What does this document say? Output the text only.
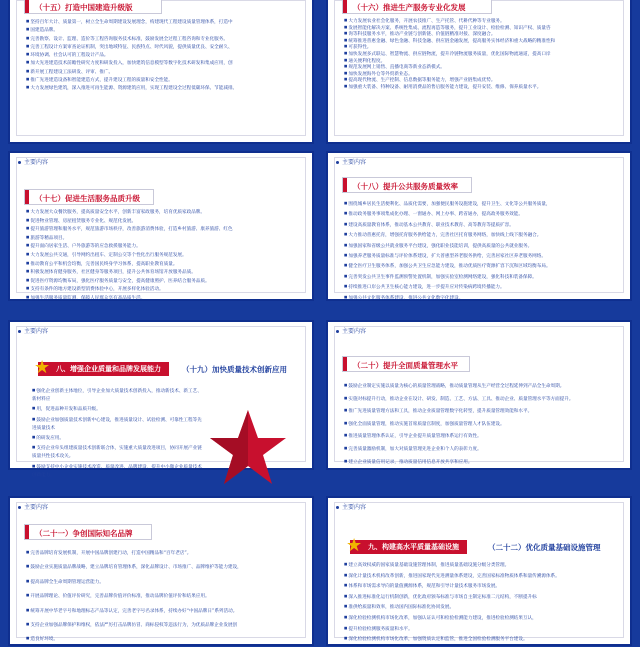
（十五）打造中国建造升级版
■ 坚持百年大计、质量第一，树立全生命周期建设发展理念，构建现代工程建设质量管理体系，打造中
■ 国建造品牌。
■ 完善勘察、设计、监理、造价等工程咨询服务技术标准，鼓励发展全过程工程咨询和专业化服务。
■ 完善工程设计方案审查论证机制，突出地域特征、民族特点、时代风貌，提供质量优良、安全耐久、
■ 环境协调、社会认可的工程设计产品。
■ 加大先进建造技术前瞻性研究力度和研发投入，加快建筑信息模型等数字化技术研发和集成应用，创
■ 新开展工程建设工法研发、评审、推广。
■ 推广先进建造设备和智能建造方式，提升建设工程的质量和安全性能。
■ 大力发展绿色建筑，深入推进可再生能源、资源建筑应用，实现工程建设全过程低碳环保、节能减排。
（十六）推进生产服务专业化发展
■ 大力发展农业社会化服务，开展农技推广、生产托管、代耕代种等专业服务。
■ 发展智能化解决方案、系统性集成、流程再造等服务，提升工业设计、检验检测、知识产权、质量咨
■ 询等科技服务水平，推动产业链与创新链、价值链精准对接、深度融合。
■ 统筹推进普惠金融、绿色金融、科技金融、供应链金融发展，提高服务实体经济和重大战略的精准性和
■ 可获得性。
■ 加快发展多式联运、智慧物流、供应链物流，提升冷链物流服务质量，优化国际物流通道，提高口岸
■ 通关便利化程度。
■ 规范发展网上销售、直播电商等新业态新模式。
■ 加快发展海外仓等外贸新业态。
■ 提高现代物流、生产控制、信息数据等服务能力，增强产业链集成优势。
■ 加强重大装备、特种设备、耐用消费品的售后服务能力建设，提升安装、维修、保养质量水平。
主要内容
（十七）促进生活服务品质升级
■ 大力发展大众餐饮服务，提高质量安全水平，创新丰富家政服务，培育优质家政品牌。
■ 促进物业管理、房屋租赁服务专业化、规范化发展。
■ 提升旅游管理和服务水平，规范旅游市场秩序，改善旅游消费体验，打造乡村旅游、康养旅游、红色
■ 旅游等精品项目。
■ 提升面向居家生活、户外旅游等的应急救援服务能力。
■ 大力发展公共交通，引导网约出租车、定制公交等个性化出行服务规范发展。
■ 推动教育公平和机会均衡，完善国民终身学习体系，提高职业教育质量。
■ 积极发展体育健身服务，社区健身等服务项目，提升公共体育场馆开放服务品质。
■ 促进医疗资源均衡布局，强化医疗服务质量与安全，提高健康照护、医养结合服务品质。
■ 支持有条件的地方建设新型消费体验中心，开展多样化体验活动。
■ 加强生活服务质量监测，保障人民群众享有高品质生活。
主要内容
（十八）提升公共服务质量效率
■ 围绕城乡居民生活便利化、品质化需要，加强便民服务设施建设，提升卫生、文化等公共服务质量，
■ 推动政务服务事项集成化办理、一窗通办、网上办事、跨省通办，提高政务服务效能。
■ 建设高质量教育体系，推动基本公共教育、职业技术教育、高等教育等提质扩容。
■ 大力推动普惠托育，增强托育服务供给能力，完善社区托育服务网络，加快线上线下服务融合。
■ 加强国家和省级公共就业服务平台建设，强化职业技能培训，提供高质量的公共就业服务。
■ 加强养老服务质量标准与评价体系建设，扩大普惠型养老服务供给，完善居家社区养老服务网络。
■ 健全医疗卫生服务体系，加强公共卫生应急能力建设，推动优质医疗资源扩容下沉和区域均衡布局。
■ 完善突发公共卫生事件监测预警处置机制，加强实验室检测网络建设，强化科技和装备保障。
■ 持续推进口岸公共卫生核心能力建设，进一步提升应对传染病跨境传播能力。
■ 加强公共文化服务体系建设，推进公共文化数字化建设。
主要内容
★ 八、增强企业质量和品牌发展能力	（十九）加快质量技术创新应用
■ 强化企业创新主体地位，引导企业加大质量技术创新投入，推动新技术、新工艺、新材料应
■ 用，促进品种开发和品质升级。
■ 鼓励企业加强质量技术创新中心建设，推进质量设计、试验检测、可靠性工程等先进质量技术
■ 的研发应用。
■ 支持企业牵头组建质量技术创新联合体，实施重大质量改进项目，协同开展产业链质量共性技术攻关。
■ 鼓励支持中小企业实施技术改造、质量改进、品牌建设，提升中小微企业质量技术创新能力。
主要内容
（二十）提升全面质量管理水平
■ 鼓励企业制定实施以质量为核心的质量管理战略，推动质量管理从生产经营全过程延伸到产品全生命周期。
■ 实施对标提升行动，推动企业在设计、研发、制造、工艺、方法、工具、推动企业、质量管理水平等方面提升。
■ 推广先进质量管理方法和工具，推动企业质量管理数字化转型，提升质量管理效能和水平。
■ 强化全面质量管理，推动实施首席质量官制度，加强质量管理人才队伍建设。
■ 推进质量管理体系认证，引导企业提升质量管理体系运行有效性。
■ 完善质量激励机制，加大对质量管理先进企业和个人的表彰力度。
■ 建立企业质量信用记录，推动质量信用信息开放共享和应用。
主要内容
（二十一）争创国际知名品牌
■ 完善品牌培育发展机制，开展中国品牌创建行动，打造中国精品和“百年老店”。
■ 鼓励企业实施质量品牌战略，建立品牌培育管理体系，深化品牌设计、市场推广、品牌维护等能力建设，
■ 提高品牌全生命周期管理运营能力。
■ 开展品牌理论、价值评价研究，完善品牌价值评价标准，推动品牌价值评价和结果应用。
■ 统筹开展中华老字号和地理标志产品等认定，完善老字号名录体系，持续办好“中国品牌日”系列活动。
■ 支持企业加强品牌保护和维权，依法严厉打击品牌仿冒、商标侵权等违法行为，为优质品牌企业发展创
■ 造良好环境。
主要内容
★ 九、构建高水平质量基础设施	（二十二）优化质量基础设施管理
■ 建立高效权威的国家质量基础设施管理体制，推进质量基础设施分级分类管理。
■ 深化计量技术机构改革创新，推进国家现代先进测量体系建设，完善国家标准物质体系和量传溯源体系。
■ 体系和市场需求导向的量值溯源体系，规范和引导计量技术服务市场发展。
■ 深入推进标准化运行机制创新，优化政府颁布标准与市场自主制定标准二元结构，不断提升标
■ 准供给质量和效率，推动国内国际标准化协同发展。
■ 深化检验检测机构市场化改革，加强认证认可和检验检测能力建设，推进检验检测结果互认，
■ 提升检验检测服务质量和水平。
■ 深化检验检测机构市场化改革，加强资质认定和监管，推进全国检验检测服务平台建设。
